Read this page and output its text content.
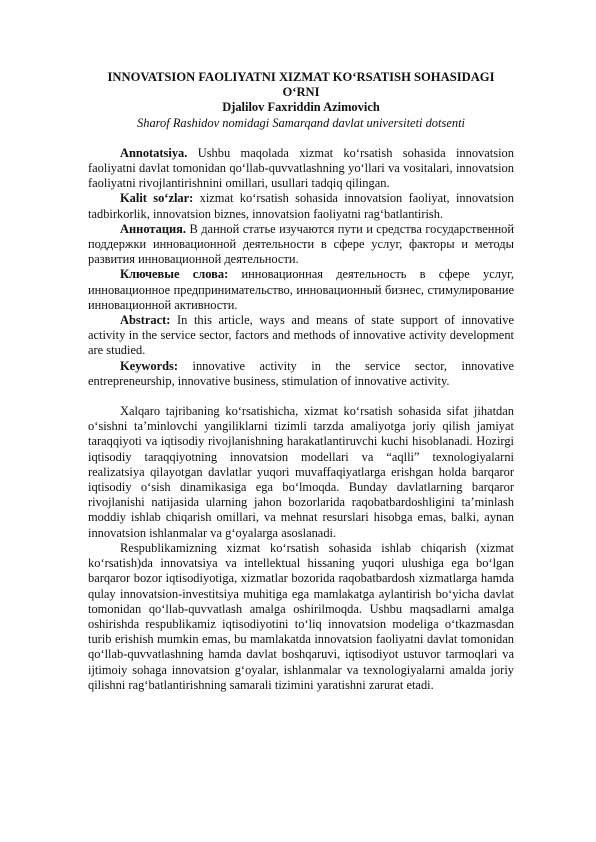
INNOVATSION FAOLIYATNI XIZMAT KO‘RSATISH SOHASIDAGI O‘RNI

Djalilov Faxriddin Azimovich

Sharof Rashidov nomidagi Samarqand davlat universiteti dotsenti

Annotatsiya. Ushbu maqolada xizmat ko‘rsatish sohasida innovatsion faoliyatni davlat tomonidan qo‘llab-quvvatlashning yo‘llari va vositalari, innovatsion faoliyatni rivojlantirishnini omillari, usullari tadqiq qilingan.

Kalit so‘zlar: xizmat ko‘rsatish sohasida innovatsion faoliyat, innovatsion tadbirkorlik, innovatsion biznes, innovatsion faoliyatni rag‘batlantirish.

Аннотация. В данной статье изучаются пути и средства государственной поддержки инновационной деятельности в сфере услуг, факторы и методы развития инновационной деятельности.

Ключевые слова: инновационная деятельность в сфере услуг, инновационное предпринимательство, инновационный бизнес, стимулирование инновационной активности.

Abstract: In this article, ways and means of state support of innovative activity in the service sector, factors and methods of innovative activity development are studied.

Keywords: innovative activity in the service sector, innovative entrepreneurship, innovative business, stimulation of innovative activity.

Xalqaro tajribaning ko‘rsatishicha, xizmat ko‘rsatish sohasida sifat jihatdan o‘sishni ta’minlovchi yangiliklarni tizimli tarzda amaliyotga joriy qilish jamiyat taraqqiyoti va iqtisodiy rivojlanishning harakatlantiruvchi kuchi hisoblanadi. Hozirgi iqtisodiy taraqqiyotning innovatsion modellari va “aqlli” texnologiyalarni realizatsiya qilayotgan davlatlar yuqori muvaffaqiyatlarga erishgan holda barqaror iqtisodiy o‘sish dinamikasiga ega bo‘lmoqda. Bunday davlatlarning barqaror rivojlanishi natijasida ularning jahon bozorlarida raqobatbardoshligini ta’minlash moddiy ishlab chiqarish omillari, va mehnat resurslari hisobga emas, balki, aynan innovatsion ishlanmalar va g‘oyalarga asoslanadi.

Respublikamizning xizmat ko‘rsatish sohasida ishlab chiqarish (xizmat ko‘rsatish)da innovatsiya va intellektual hissaning yuqori ulushiga ega bo‘lgan barqaror bozor iqtisodiyotiga, xizmatlar bozorida raqobatbardosh xizmatlarga hamda qulay innovatsion-investitsiya muhitiga ega mamlakatga aylantirish bo‘yicha davlat tomonidan qo‘llab-quvvatlash amalga oshirilmoqda. Ushbu maqsadlarni amalga oshirishda respublikamiz iqtisodiyotini to‘liq innovatsion modeliga o‘tkazmasdan turib erishish mumkin emas, bu mamlakatda innovatsion faoliyatni davlat tomonidan qo‘llab-quvvatlashning hamda davlat boshqaruvi, iqtisodiyot ustuvor tarmoqlari va ijtimoiy sohaga innovatsion g‘oyalar, ishlanmalar va texnologiyalarni amalda joriy qilishni rag‘batlantirishning samarali tizimini yaratishni zarurat etadi.
